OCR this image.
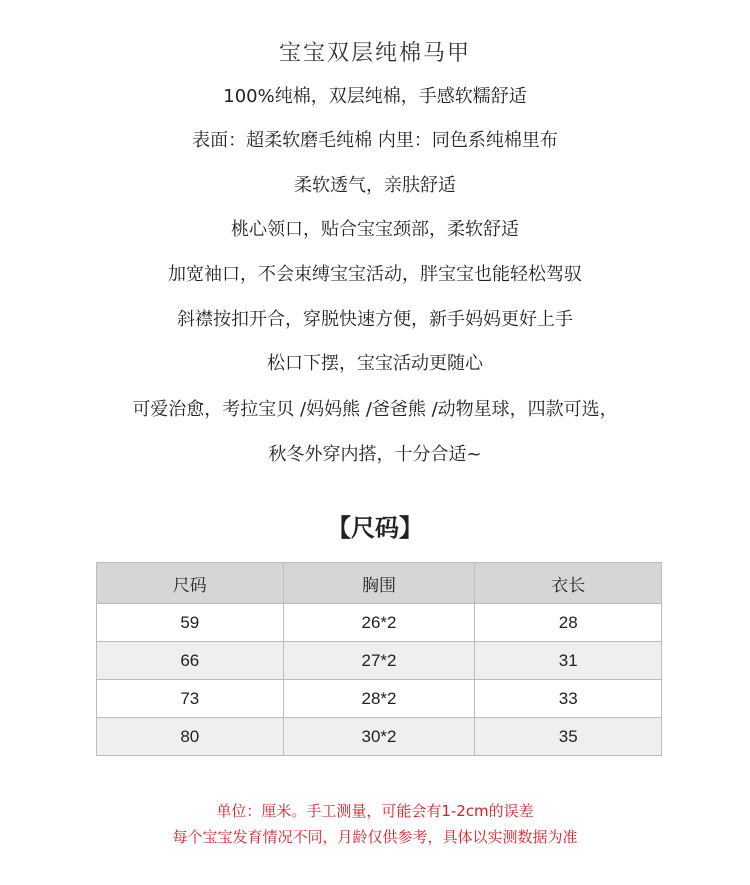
宝宝双层纯棉马甲
100%纯棉，双层纯棉，手感软糯舒适
表面：超柔软磨毛纯棉 内里：同色系纯棉里布
柔软透气，亲肤舒适
桃心领口，贴合宝宝颈部，柔软舒适
加宽袖口，不会束缚宝宝活动，胖宝宝也能轻松驾驭
斜襟按扣开合，穿脱快速方便，新手妈妈更好上手
松口下摆，宝宝活动更随心
可爱治愈，考拉宝贝 /妈妈熊 /爸爸熊 /动物星球，四款可选，
秋冬外穿内搭，十分合适~
【尺码】
尺码	胸围	衣长
59	26*2	28
66	27*2	31
73	28*2	33
80	30*2	35
单位：厘米。手工测量，可能会有1-2cm的误差
每个宝宝发育情况不同，月龄仅供参考，具体以实测数据为准
